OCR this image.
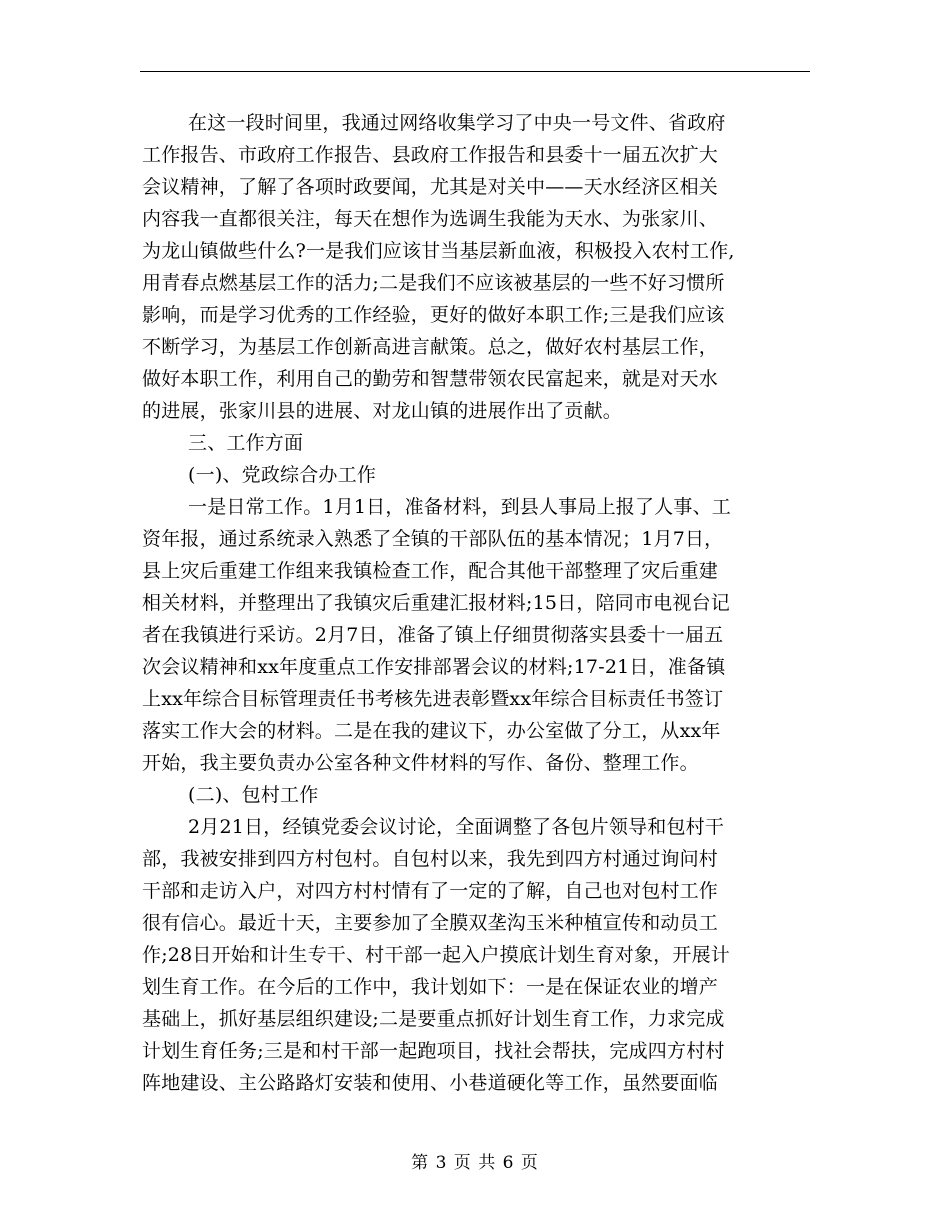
在这一段时间里，我通过网络收集学习了中央一号文件、省政府
工作报告、市政府工作报告、县政府工作报告和县委十一届五次扩大
会议精神，了解了各项时政要闻，尤其是对关中——天水经济区相关
内容我一直都很关注，每天在想作为选调生我能为天水、为张家川、
为龙山镇做些什么?一是我们应该甘当基层新血液，积极投入农村工作,
用青春点燃基层工作的活力;二是我们不应该被基层的一些不好习惯所
影响，而是学习优秀的工作经验，更好的做好本职工作;三是我们应该
不断学习，为基层工作创新高进言献策。总之，做好农村基层工作，
做好本职工作，利用自己的勤劳和智慧带领农民富起来，就是对天水
的进展，张家川县的进展、对龙山镇的进展作出了贡献。
三、工作方面
(一)、党政综合办工作
一是日常工作。1月1日，准备材料，到县人事局上报了人事、工
资年报，通过系统录入熟悉了全镇的干部队伍的基本情况；1月7日，
县上灾后重建工作组来我镇检查工作，配合其他干部整理了灾后重建
相关材料，并整理出了我镇灾后重建汇报材料;15日，陪同市电视台记
者在我镇进行采访。2月7日，准备了镇上仔细贯彻落实县委十一届五
次会议精神和xx年度重点工作安排部署会议的材料;17-21日，准备镇
上xx年综合目标管理责任书考核先进表彰暨xx年综合目标责任书签订
落实工作大会的材料。二是在我的建议下，办公室做了分工，从xx年
开始，我主要负责办公室各种文件材料的写作、备份、整理工作。
(二)、包村工作
2月21日，经镇党委会议讨论，全面调整了各包片领导和包村干
部，我被安排到四方村包村。自包村以来，我先到四方村通过询问村
干部和走访入户，对四方村村情有了一定的了解，自己也对包村工作
很有信心。最近十天，主要参加了全膜双垄沟玉米种植宣传和动员工
作;28日开始和计生专干、村干部一起入户摸底计划生育对象，开展计
划生育工作。在今后的工作中，我计划如下：一是在保证农业的增产
基础上，抓好基层组织建设;二是要重点抓好计划生育工作，力求完成
计划生育任务;三是和村干部一起跑项目，找社会帮扶，完成四方村村
阵地建设、主公路路灯安装和使用、小巷道硬化等工作，虽然要面临
第 3 页 共 6 页
